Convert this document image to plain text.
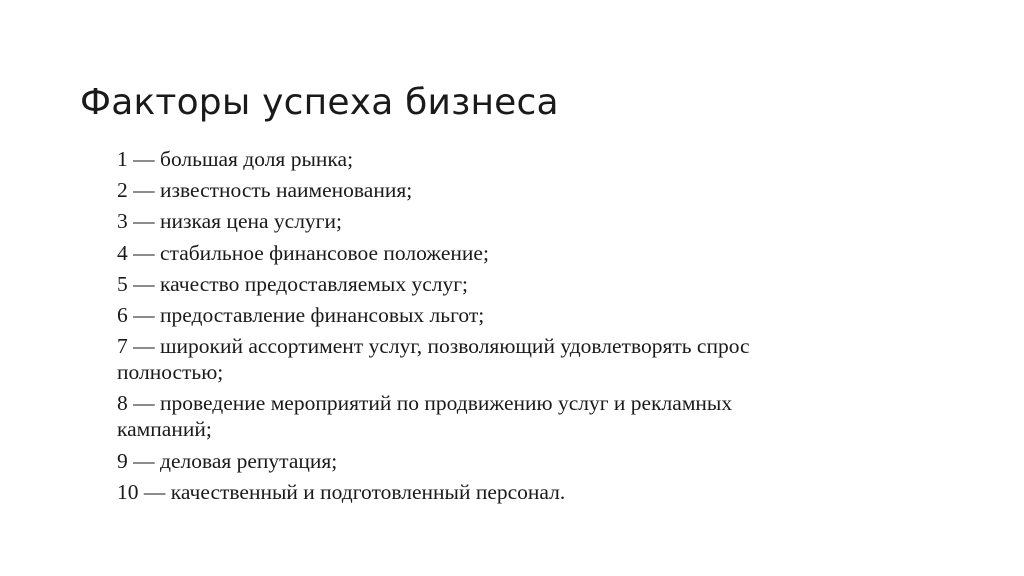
Факторы успеха бизнеса
1 — большая доля рынка;
2 — известность наименования;
3 — низкая цена услуги;
4 — стабильное финансовое положение;
5 — качество предоставляемых услуг;
6 — предоставление финансовых льгот;
7 — широкий ассортимент услуг, позволяющий удовлетворять спрос полностью;
8 — проведение мероприятий по продвижению услуг и рекламных кампаний;
9 — деловая репутация;
10 — качественный и подготовленный персонал.
